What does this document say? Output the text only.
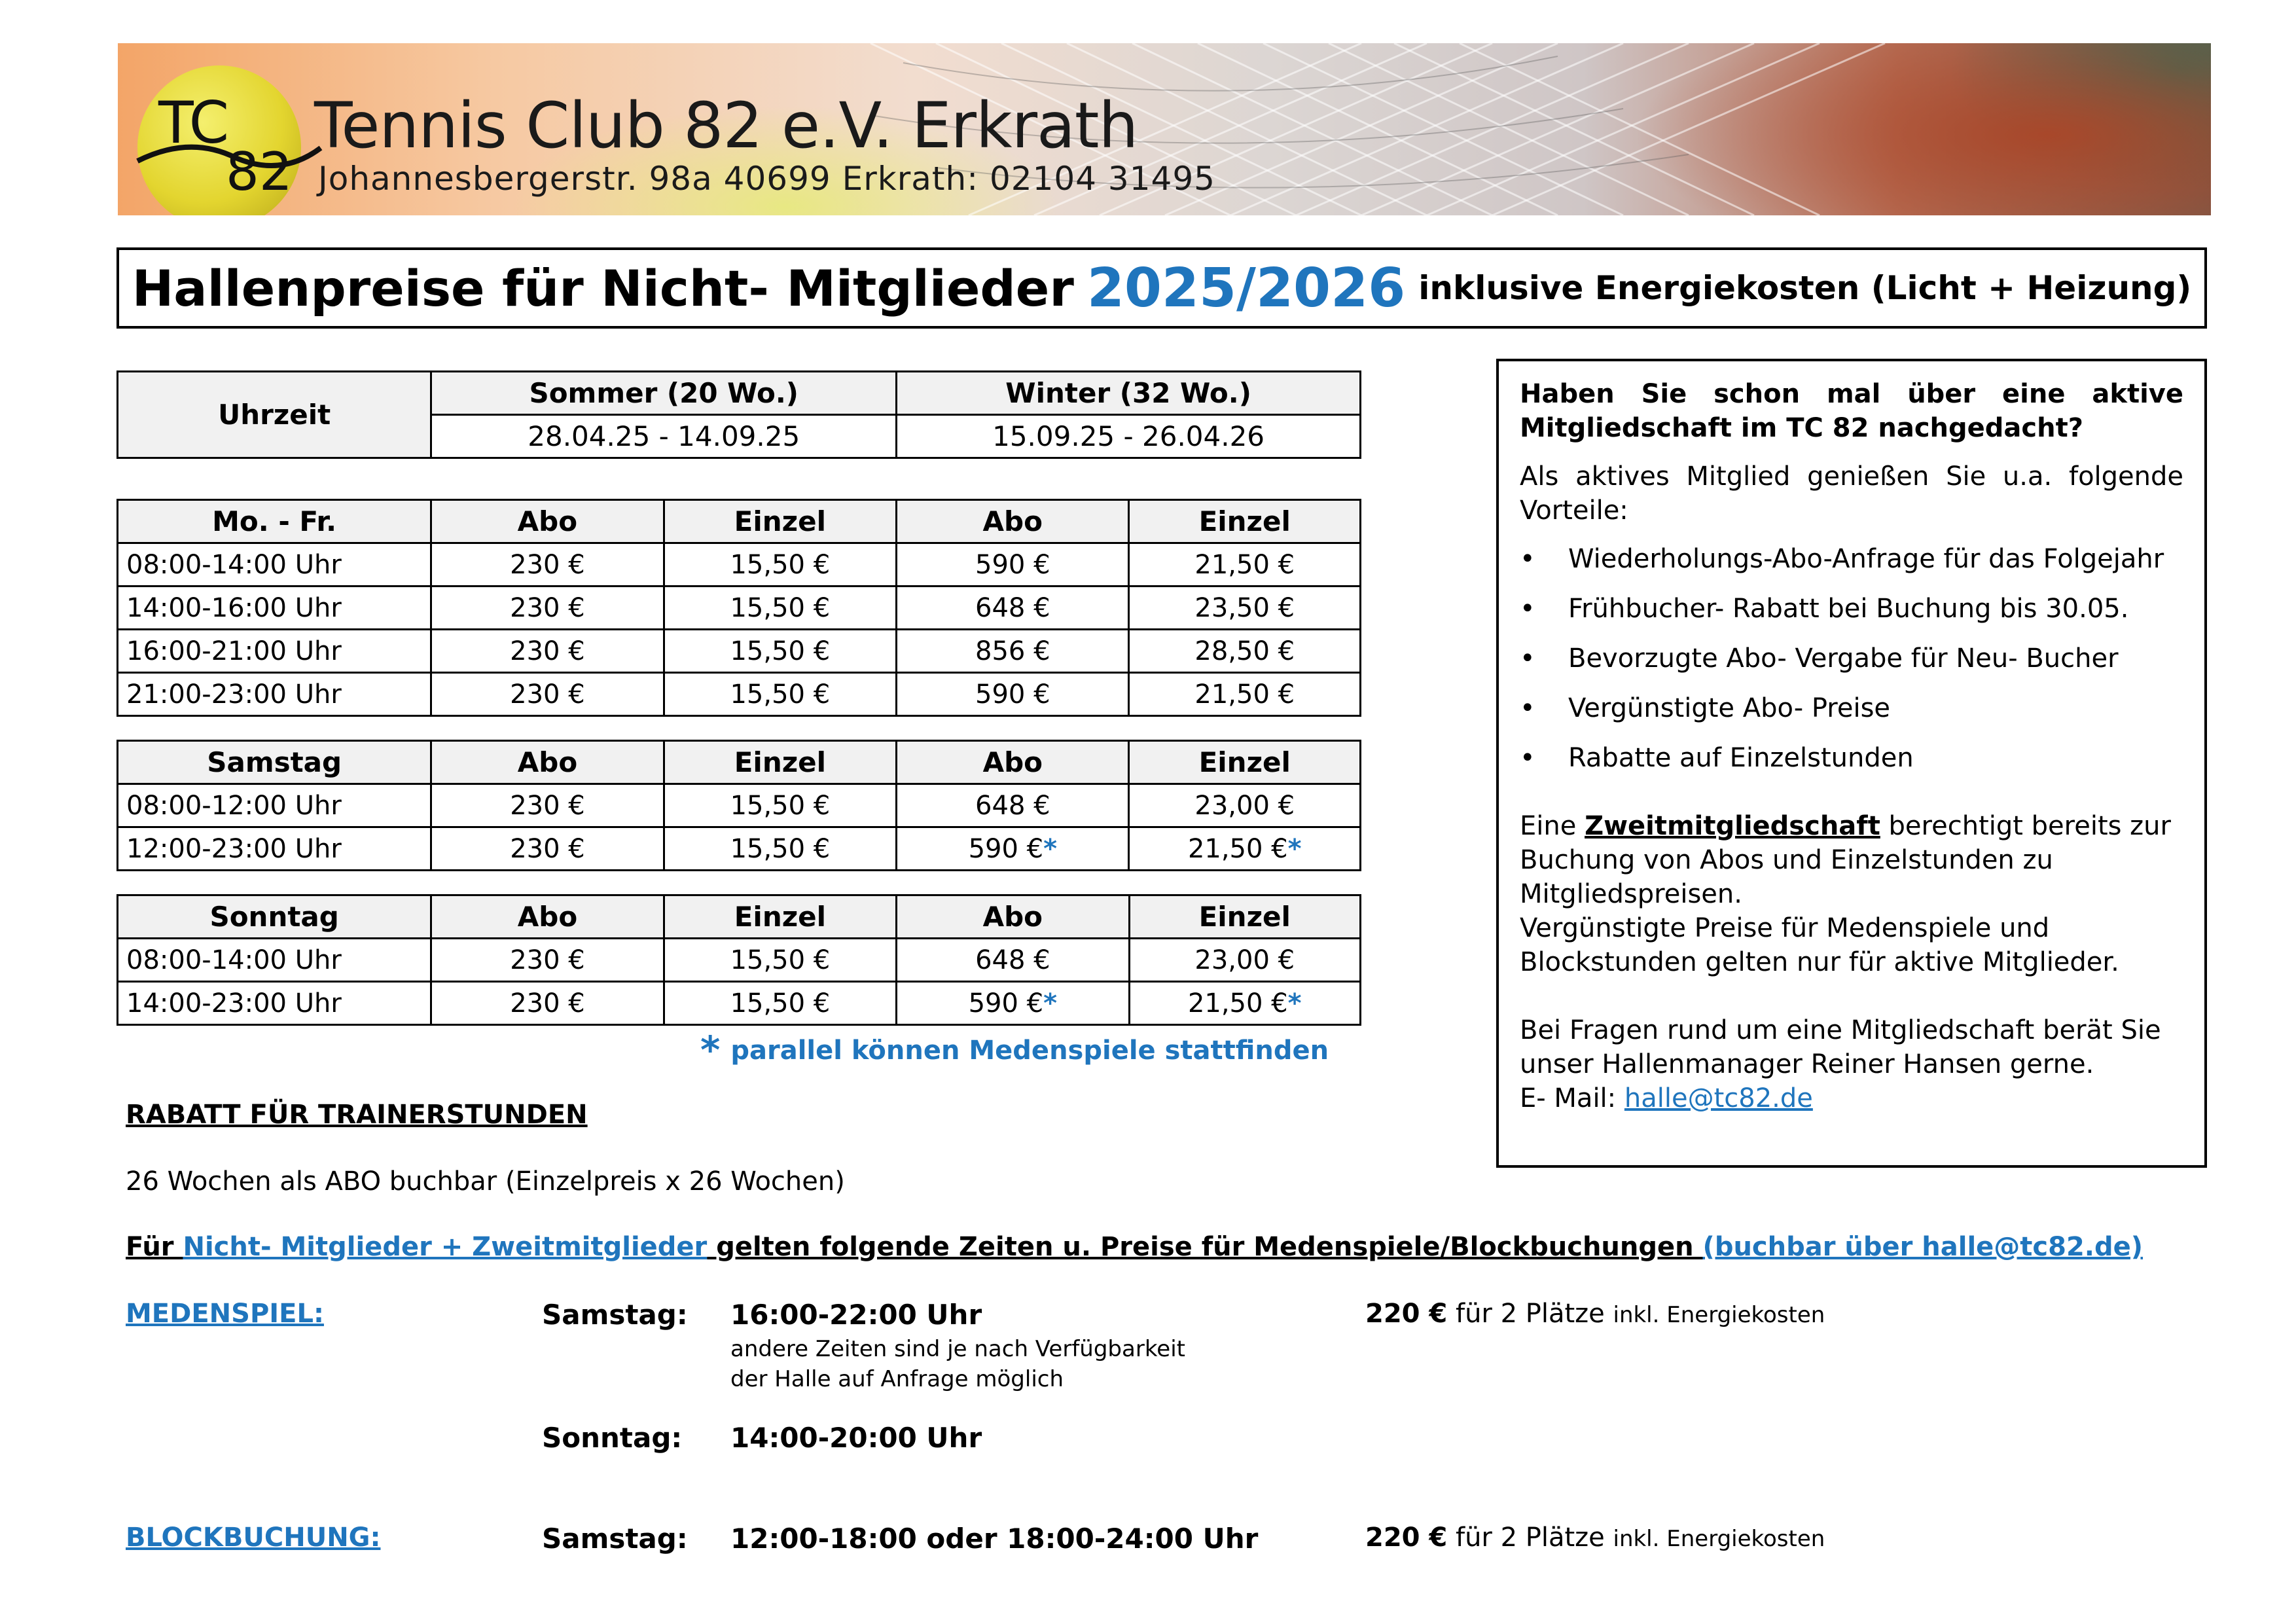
TC
82
Tennis Club 82 e.V. Erkrath
Johannesbergerstr. 98a 40699 Erkrath: 02104 31495
Hallenpreise für Nicht- Mitglieder 2025/2026 inklusive Energiekosten (Licht + Heizung)
Uhrzeit	Sommer (20 Wo.)	Winter (32 Wo.)
	28.04.25 - 14.09.25	15.09.25 - 26.04.26
Mo. - Fr.	Abo	Einzel	Abo	Einzel
08:00-14:00 Uhr	230 €	15,50 €	590 €	21,50 €
14:00-16:00 Uhr	230 €	15,50 €	648 €	23,50 €
16:00-21:00 Uhr	230 €	15,50 €	856 €	28,50 €
21:00-23:00 Uhr	230 €	15,50 €	590 €	21,50 €
Samstag	Abo	Einzel	Abo	Einzel
08:00-12:00 Uhr	230 €	15,50 €	648 €	23,00 €
12:00-23:00 Uhr	230 €	15,50 €	590 €*	21,50 €*
Sonntag	Abo	Einzel	Abo	Einzel
08:00-14:00 Uhr	230 €	15,50 €	648 €	23,00 €
14:00-23:00 Uhr	230 €	15,50 €	590 €*	21,50 €*
* parallel können Medenspiele stattfinden

Haben Sie schon mal über eine aktive Mitgliedschaft im TC 82 nachgedacht?

Als aktives Mitglied genießen Sie u.a. folgende Vorteile:

• Wiederholungs-Abo-Anfrage für das Folgejahr
• Frühbucher- Rabatt bei Buchung bis 30.05.
• Bevorzugte Abo- Vergabe für Neu- Bucher
• Vergünstigte Abo- Preise
• Rabatte auf Einzelstunden

Eine Zweitmitgliedschaft berechtigt bereits zur Buchung von Abos und Einzelstunden zu Mitgliedspreisen.

Vergünstigte Preise für Medenspiele und Blockstunden gelten nur für aktive Mitglieder.

Bei Fragen rund um eine Mitgliedschaft berät Sie unser Hallenmanager Reiner Hansen gerne.

E- Mail: halle@tc82.de

RABATT FÜR TRAINERSTUNDEN
26 Wochen als ABO buchbar (Einzelpreis x 26 Wochen)
Für Nicht- Mitglieder + Zweitmitglieder gelten folgende Zeiten u. Preise für Medenspiele/Blockbuchungen (buchbar über halle@tc82.de)
MEDENSPIEL:	Samstag: 16:00-22:00 Uhr
andere Zeiten sind je nach Verfügbarkeit
der Halle auf Anfrage möglich
220 € für 2 Plätze inkl. Energiekosten
Sonntag: 14:00-20:00 Uhr
BLOCKBUCHUNG:	Samstag: 12:00-18:00 oder 18:00-24:00 Uhr	220 € für 2 Plätze inkl. Energiekosten
